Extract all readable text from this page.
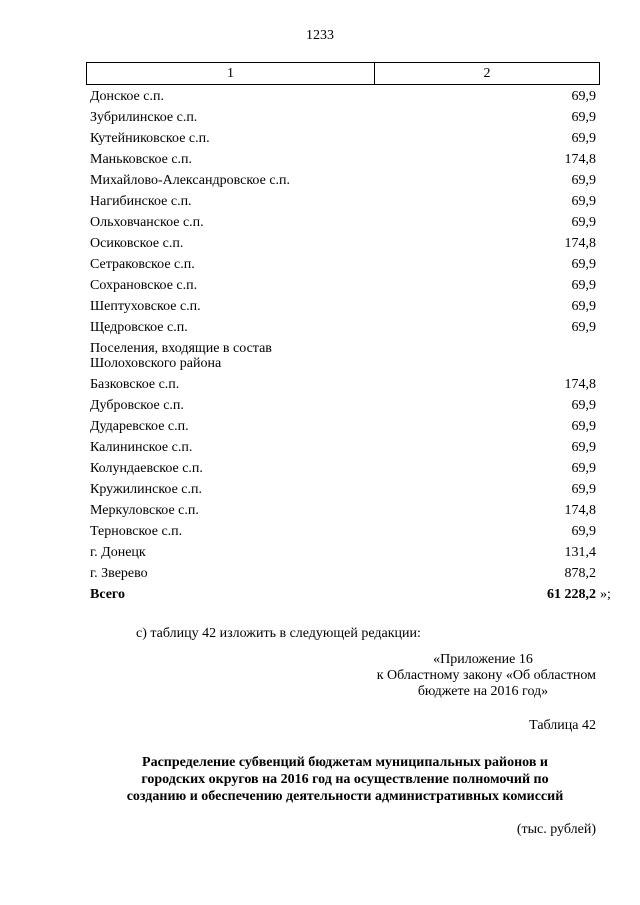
1233
1	2
Донское с.п.	69,9
Зубрилинское с.п.	69,9
Кутейниковское с.п.	69,9
Маньковское с.п.	174,8
Михайлово-Александровское с.п.	69,9
Нагибинское с.п.	69,9
Ольховчанское с.п.	69,9
Осиковское с.п.	174,8
Сетраковское с.п.	69,9
Сохрановское с.п.	69,9
Шептуховское с.п.	69,9
Щедровское с.п.	69,9
Поселения, входящие в состав
Шолоховского района
Базковское с.п.	174,8
Дубровское с.п.	69,9
Дударевское с.п.	69,9
Калининское с.п.	69,9
Колундаевское с.п.	69,9
Кружилинское с.п.	69,9
Меркуловское с.п.	174,8
Терновское с.п.	69,9
г. Донецк	131,4
г. Зверево	878,2
Всего	61 228,2 »;
с) таблицу 42 изложить в следующей редакции:
«Приложение 16
к Областному закону «Об областном
бюджете на 2016 год»
Таблица 42
Распределение субвенций бюджетам муниципальных районов и
городских округов на 2016 год на осуществление полномочий по
созданию и обеспечению деятельности административных комиссий
(тыс. рублей)
